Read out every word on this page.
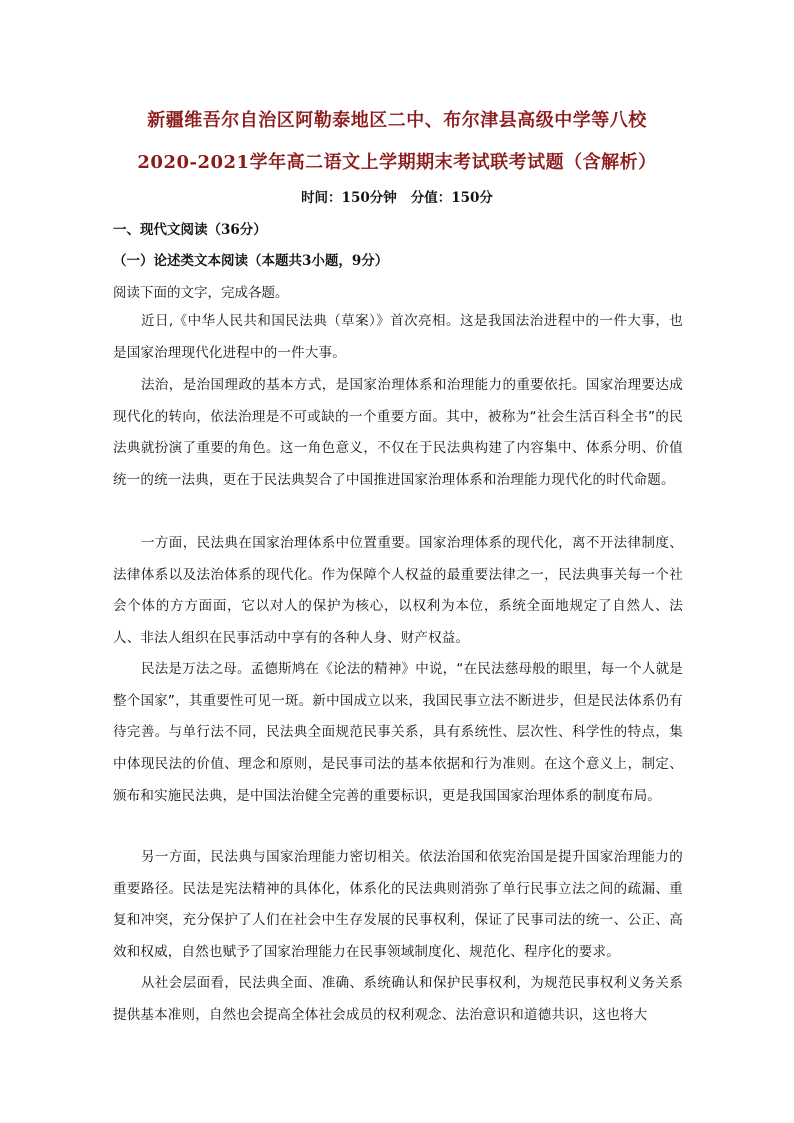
新疆维吾尔自治区阿勒泰地区二中、布尔津县高级中学等八校
2020-2021学年高二语文上学期期末考试联考试题（含解析）
时间：150分钟 分值：150分
一、现代文阅读（36分）
（一）论述类文本阅读（本题共3小题，9分）
阅读下面的文字，完成各题。

近日,《中华人民共和国民法典（草案）》首次亮相。这是我国法治进程中的一件大事，也是国家治理现代化进程中的一件大事。

法治，是治国理政的基本方式，是国家治理体系和治理能力的重要依托。国家治理要达成现代化的转向，依法治理是不可或缺的一个重要方面。其中，被称为“社会生活百科全书”的民法典就扮演了重要的角色。这一角色意义，不仅在于民法典构建了内容集中、体系分明、价值统一的统一法典，更在于民法典契合了中国推进国家治理体系和治理能力现代化的时代命题。

一方面，民法典在国家治理体系中位置重要。国家治理体系的现代化，离不开法律制度、法律体系以及法治体系的现代化。作为保障个人权益的最重要法律之一，民法典事关每一个社会个体的方方面面，它以对人的保护为核心，以权利为本位，系统全面地规定了自然人、法人、非法人组织在民事活动中享有的各种人身、财产权益。

民法是万法之母。孟德斯鸠在《论法的精神》中说，“在民法慈母般的眼里，每一个人就是整个国家”，其重要性可见一斑。新中国成立以来，我国民事立法不断进步，但是民法体系仍有待完善。与单行法不同，民法典全面规范民事关系，具有系统性、层次性、科学性的特点，集中体现民法的价值、理念和原则，是民事司法的基本依据和行为准则。在这个意义上，制定、颁布和实施民法典，是中国法治健全完善的重要标识，更是我国国家治理体系的制度布局。

另一方面，民法典与国家治理能力密切相关。依法治国和依宪治国是提升国家治理能力的重要路径。民法是宪法精神的具体化，体系化的民法典则消弥了单行民事立法之间的疏漏、重复和冲突，充分保护了人们在社会中生存发展的民事权利，保证了民事司法的统一、公正、高效和权威，自然也赋予了国家治理能力在民事领域制度化、规范化、程序化的要求。

从社会层面看，民法典全面、准确、系统确认和保护民事权利，为规范民事权利义务关系提供基本准则，自然也会提高全体社会成员的权利观念、法治意识和道德共识，这也将大
